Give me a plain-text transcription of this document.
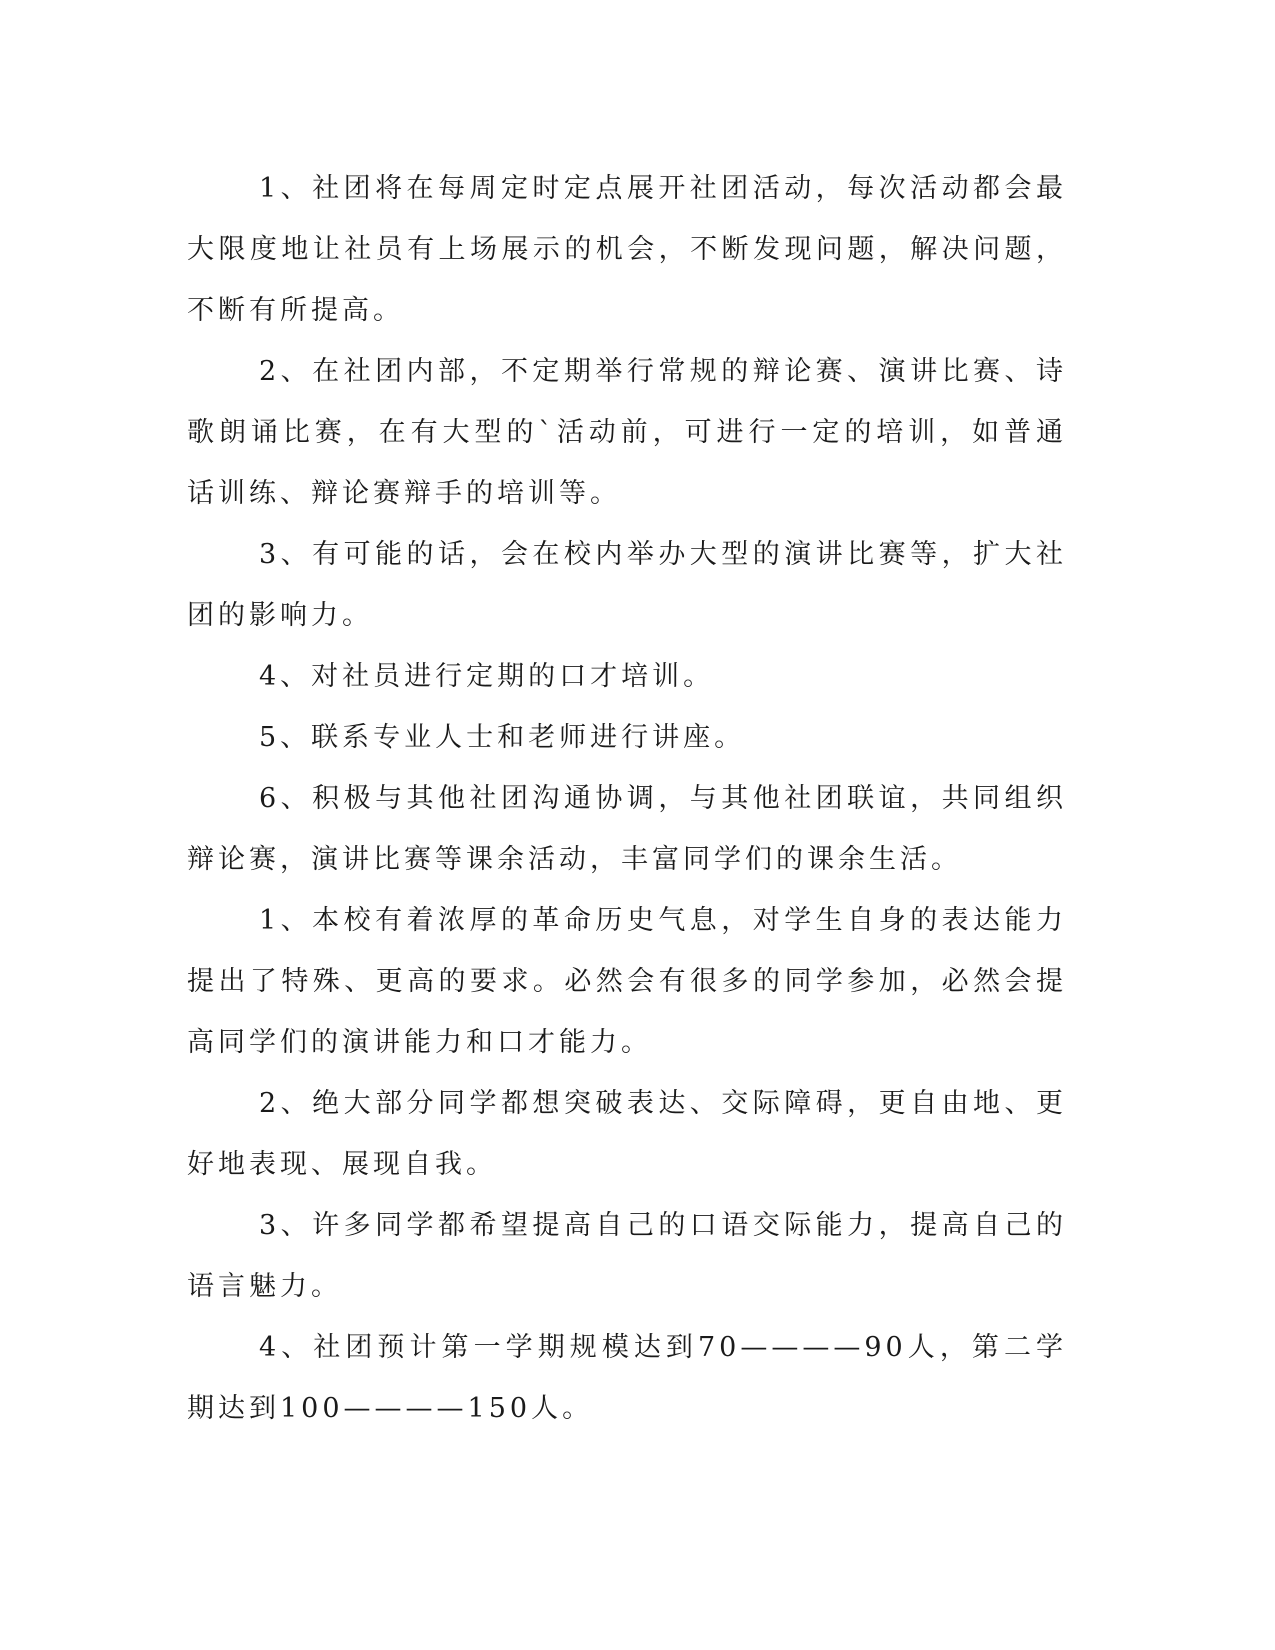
1、社团将在每周定时定点展开社团活动，每次活动都会最大限度地让社员有上场展示的机会，不断发现问题，解决问题，不断有所提高。

2、在社团内部，不定期举行常规的辩论赛、演讲比赛、诗歌朗诵比赛，在有大型的`活动前，可进行一定的培训，如普通话训练、辩论赛辩手的培训等。

3、有可能的话，会在校内举办大型的演讲比赛等，扩大社团的影响力。

4、对社员进行定期的口才培训。

5、联系专业人士和老师进行讲座。

6、积极与其他社团沟通协调，与其他社团联谊，共同组织辩论赛，演讲比赛等课余活动，丰富同学们的课余生活。

1、本校有着浓厚的革命历史气息，对学生自身的表达能力提出了特殊、更高的要求。必然会有很多的同学参加，必然会提高同学们的演讲能力和口才能力。

2、绝大部分同学都想突破表达、交际障碍，更自由地、更好地表现、展现自我。

3、许多同学都希望提高自己的口语交际能力，提高自己的语言魅力。

4、社团预计第一学期规模达到70————90人，第二学期达到100————150人。
